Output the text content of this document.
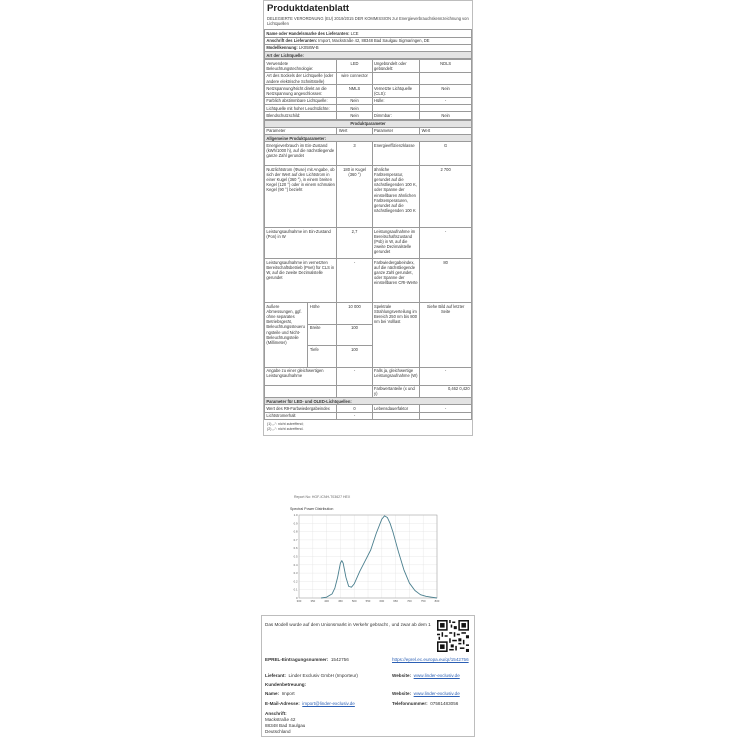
Produktdatenblatt
DELEGIERTE VERORDNUNG (EU) 2019/2015 DER KOMMISSION zur Energieverbrauchskennzeichnung von Lichtquellen
Name oder Handelsmarke des Lieferanten: LCE
Anschrift des Lieferanten: Import, Mackstraße 42, 88348 Bad Saulgau Sigmaringen, DE
Modellkennung: LK058W-B
Art der Lichtquelle:
Verwendete Beleuchtungstechnologie:	LED	Ungebündelt oder gebündelt:	NDLS
Art des Sockels der Lichtquelle (oder andere elektrische Schnittstelle)	wire connector		
Netzspannung/Nicht direkt an die Netzspannung angeschlossen:	NMLS	Vernetzte Lichtquelle (CLS):	Nein
Farblich abstimmbare Lichtquelle:	Nein	Hülle:	-
Lichtquelle mit hoher Leuchtdichte:	Nein		
Blendschutzschild:	Nein	Dimmbar:	Nein
Produktparameter				
Parameter		Wert	Parameter	Wert
Allgemeine Produktparameter:				
Energieverbrauch im Ein-Zustand (kWh/1000 h), auf die nächstliegende ganze Zahl gerundet		3	Energieeffizienzklasse	G
Nutzlichtstrom (Φuse) mit Angabe, ob sich der Wert auf den Lichtstrom in einer Kugel (360 °), in einem breiten Kegel (120 °) oder in einem schmalen Kegel (90 °) bezieht		180 in Kugel (360 °)	ähnliche Farbtemperatur, gerundet auf die nächstliegenden 100 K, oder Spanne der einstellbaren ähnlichen Farbtemperaturen, gerundet auf die nächstliegenden 100 K	2 700
Leistungsaufnahme im Ein-Zustand (Pon) in W		2,7	Leistungsaufnahme im Bereitschaftszustand (Psb) in W, auf die zweite Dezimalstelle gerundet	-
Leistungsaufnahme im vernetzten Bereitschaftsbetrieb (Pnet) für CLS in W, auf die zweite Dezimalstelle gerundet		-	Farbwiedergabeindex, auf die nächstliegende ganze Zahl gerundet, oder Spanne der einstellbaren CRI-Werte	80
äußere Abmessungen, ggf. ohne separates Betriebsgerät, Beleuchtungssteuerungsteile und Nicht-Beleuchtungsteile (Millimeter)	Höhe	10 000	Spektrale Strahlungsverteilung im Bereich 250 nm bis 800 nm bei Volllast	Siehe Bild auf letzter Seite
	Breite	100		
	Tiefe	100		
Angabe zu einer gleichwertigen Leistungsaufnahme		-	Falls ja, gleichwertige Leistungsaufnahme (W)	-
			Farbwertanteile (x und y)	0,462 0,420
Parameter für LED- und OLED-Lichtquellen:				
Wert des R9-Farbwiedergabeindex		0	Lebensdauerfaktor	-
Lichtstromerhalt		-		
(1) „-“: nicht zutreffend;
(2) „-“: nicht zutreffend.
Report No: HGF-ICNH-T03627 HEX
Spectral Power Distribution
1.0
0.9
0.8
0.7
0.6
0.5
0.4
0.3
0.2
0.1
0
300	350	400	450	500	550	600	650	700	750	800
Das Modell wurde auf dem Unionsmarkt in Verkehr gebracht , und zwar ab dem 1
EPREL-Eintragungsnummer: 1542756	https://eprel.ec.europa.eu/qr/1542756
Lieferant: Linder Exclusiv GmbH (Importeur)	Website: www.linder-exclusiv.de
Kundenbetreuung:
Name: Import	Website: www.linder-exclusiv.de
E-Mail-Adresse: import@linder-exclusiv.de	Telefonnummer: 07581483056
Anschrift:
Mackstraße 42
88348 Bad Saulgau
Deutschland
